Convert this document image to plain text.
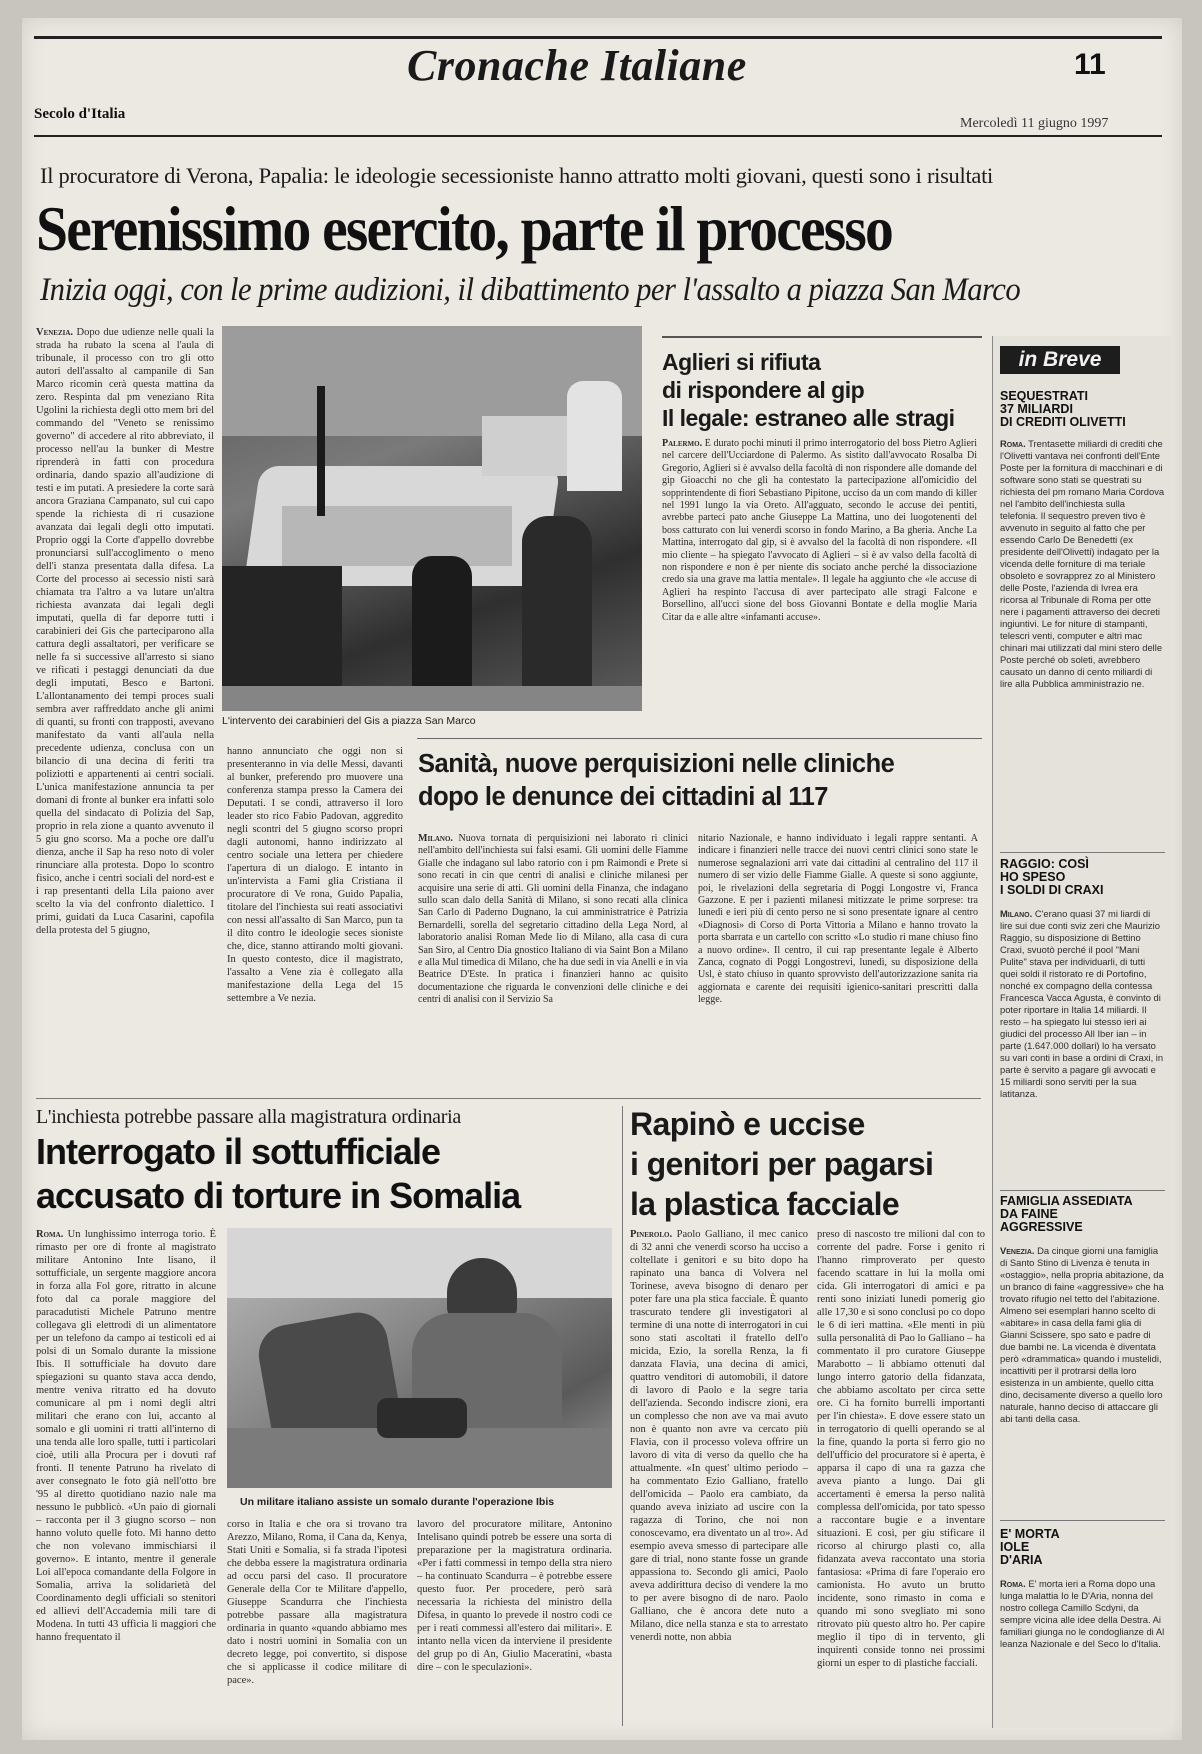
Cronache Italiane	11
Secolo d'Italia
Mercoledì 11 giugno 1997
Il procuratore di Verona, Papalia: le ideologie secessioniste hanno attratto molti giovani, questi sono i risultati
Serenissimo esercito, parte il processo
Inizia oggi, con le prime audizioni, il dibattimento per l'assalto a piazza San Marco
Venezia. Dopo due udienze nelle quali la strada ha rubato la scena al l'aula di tribunale, il processo con tro gli otto autori dell'assalto al campanile di San Marco ricomin cerà questa mattina da zero. Respinta dal pm veneziano Rita Ugolini la richiesta degli otto mem bri del commando del "Veneto se renissimo governo" di accedere al rito abbreviato, il processo nell'au la bunker di Mestre riprenderà in fatti con procedura ordinaria, dando spazio all'audizione di testi e im putati. A presiedere la corte sarà ancora Graziana Campanato, sul cui capo spende la richiesta di ri cusazione avanzata dai legali degli otto imputati. Proprio oggi la Corte d'appello dovrebbe pronunciarsi sull'accoglimento o meno dell'i stanza presentata dalla difesa. La Corte del processo ai secessio nisti sarà chiamata tra l'altro a va lutare un'altra richiesta avanzata dai legali degli imputati, quella di far deporre tutti i carabinieri dei Gis che parteciparono alla cattura degli assaltatori, per verificare se nelle fa si successive all'arresto si siano ve rificati i pestaggi denunciati da due degli imputati, Besco e Bartoni. L'allontanamento dei tempi proces suali sembra aver raffreddato anche gli animi di quanti, su fronti con trapposti, avevano manifestato da vanti all'aula nella precedente udienza, conclusa con un bilancio di una decina di feriti tra poliziotti e appartenenti ai centri sociali. L'unica manifestazione annuncia ta per domani di fronte al bunker era infatti solo quella del sindacato di Polizia del Sap, proprio in rela zione a quanto avvenuto il 5 giu gno scorso. Ma a poche ore dall'u dienza, anche il Sap ha reso noto di voler rinunciare alla protesta. Dopo lo scontro fisico, anche i centri sociali del nord-est e i rap presentanti della Lila paiono aver scelto la via del confronto dialettico. I primi, guidati da Luca Casarini, capofila della protesta del 5 giugno,
L'intervento dei carabinieri del Gis a piazza San Marco
hanno annunciato che oggi non si presenteranno in via delle Messi, davanti al bunker, preferendo pro muovere una conferenza stampa presso la Camera dei Deputati. I se condi, attraverso il loro leader sto rico Fabio Padovan, aggredito negli scontri del 5 giugno scorso propri dagli autonomi, hanno indirizzato al centro sociale una lettera per chiedere l'apertura di un dialogo. E intanto in un'intervista a Fami glia Cristiana il procuratore di Ve rona, Guido Papalia, titolare del l'inchiesta sui reati associativi con nessi all'assalto di San Marco, pun ta il dito contro le ideologie seces sioniste che, dice, stanno attirando molti giovani. In questo contesto, dice il magistrato, l'assalto a Vene zia è collegato alla manifestazione della Lega del 15 settembre a Ve nezia.
Aglieri si rifiuta
di rispondere al gip
Il legale: estraneo alle stragi
Palermo. È durato pochi minuti il primo interrogatorio del boss Pietro Aglieri nel carcere dell'Ucciardone di Palermo. As sistito dall'avvocato Rosalba Di Gregorio, Aglieri si è avvalso della facoltà di non rispondere alle domande del gip Gioacchi no che gli ha contestato la partecipazione all'omicidio del sopprintendente di fiori Sebastiano Pipitone, ucciso da un com mando di killer nel 1991 lungo la via Oreto. All'agguato, secondo le accuse dei pentiti, avrebbe parteci pato anche Giuseppe La Mattina, uno dei luogotenenti del boss catturato con lui venerdì scorso in fondo Marino, a Ba gheria. Anche La Mattina, interrogato dal gip, si è avvalso del la facoltà di non rispondere. «Il mio cliente – ha spiegato l'avvocato di Aglieri – si è av valso della facoltà di non rispondere e non è per niente dis sociato anche perché la dissociazione credo sia una grave ma lattia mentale». Il legale ha aggiunto che «le accuse di Aglieri ha respinto l'accusa di aver partecipato alle stragi Falcone e Borsellino, all'ucci sione del boss Giovanni Bontate e della moglie Maria Citar da e alle altre «infamanti accuse».
Sanità, nuove perquisizioni nelle cliniche
dopo le denunce dei cittadini al 117
Milano. Nuova tornata di perquisizioni nei laborato ri clinici nell'ambito dell'inchiesta sui falsi esami. Gli uomini delle Fiamme Gialle che indagano sul labo ratorio con i pm Raimondi e Prete si sono recati in cin que centri di analisi e cliniche milanesi per acquisire una serie di atti. Gli uomini della Finanza, che indagano sullo scan dalo della Sanità di Milano, si sono recati alla clinica San Carlo di Paderno Dugnano, la cui amministratrice è Patrizia Bernardelli, sorella del segretario cittadino della Lega Nord, al laboratorio analisi Roman Mede lio di Milano, alla casa di cura San Siro, al Centro Dia gnostico Italiano di via Saint Bon a Milano e alla Mul timedica di Milano, che ha due sedi in via Anelli e in via Beatrice D'Este. In pratica i finanzieri hanno ac quisito documentazione che riguarda le convenzioni delle cliniche e dei centri di analisi con il Servizio Sa
nitario Nazionale, e hanno individuato i legali rappre sentanti. A indicare i finanzieri nelle tracce dei nuovi centri clinici sono state le numerose segnalazioni arri vate dai cittadini al centralino del 117 il numero di ser vizio delle Fiamme Gialle. A queste si sono aggiunte, poi, le rivelazioni della segretaria di Poggi Longostre vi, Franca Gazzone. E per i pazienti milanesi mitizzate le prime sorprese: tra lunedì e ieri più di cento perso ne si sono presentate ignare al centro «Diagnosi» di Corso di Porta Vittoria a Milano e hanno trovato la porta sbarrata e un cartello con scritto «Lo studio ri mane chiuso fino a nuovo ordine». Il centro, il cui rap presentante legale è Alberto Zanca, cognato di Poggi Longostrevi, lunedì, su disposizione della Usl, è stato chiuso in quanto sprovvisto dell'autorizzazione sanita ria aggiornata e carente dei requisiti igienico-sanitari prescritti dalla legge.
L'inchiesta potrebbe passare alla magistratura ordinaria
Interrogato il sottufficiale
accusato di torture in Somalia
Roma. Un lunghissimo interroga torio. È rimasto per ore di fronte al magistrato militare Antonino Inte lisano, il sottufficiale, un sergente maggiore ancora in forza alla Fol gore, ritratto in alcune foto dal ca porale maggiore del paracadutisti Michele Patruno mentre collegava gli elettrodi di un alimentatore per un telefono da campo ai testicoli ed ai polsi di un Somalo durante la missione Ibis. Il sottufficiale ha dovuto dare spiegazioni su quanto stava acca dendo, mentre veniva ritratto ed ha dovuto comunicare al pm i nomi degli altri militari che erano con lui, accanto al somalo e gli uomini ri tratti all'interno di una tenda alle loro spalle, tutti i particolari cioè, utili alla Procura per i dovuti raf fronti. Il tenente Patruno ha rivelato di aver consegnato le foto già nell'otto bre '95 al diretto quotidiano nazio nale ma nessuno le pubblicò. «Un paio di giornali – racconta per il 3 giugno scorso – non hanno voluto quelle foto. Mi hanno detto che non volevano immischiarsi il governo». E intanto, mentre il generale Loi all'epoca comandante della Folgore in Somalia, arriva la solidarietà del Coordinamento degli ufficiali so stenitori ed allievi dell'Accademia mili tare di Modena. In tutti 43 ufficia li maggiori che hanno frequentato il
Un militare italiano assiste un somalo durante l'operazione Ibis
corso in Italia e che ora si trovano tra Arezzo, Milano, Roma, il Cana da, Kenya, Stati Uniti e Somalia, si fa strada l'ipotesi che debba essere la magistratura ordinaria ad occu parsi del caso. Il procuratore Generale della Cor te Militare d'appello, Giuseppe Scandurra che l'inchiesta potrebbe passare alla magistratura ordinaria in quanto «quando abbiamo mes dato i nostri uomini in Somalia con un decreto legge, poi convertito, si dispose che si applicasse il codice militare di pace».
lavoro del procuratore militare, Antonino Intelisano quindi potreb be essere una sorta di preparazione per la magistratura ordinaria. «Per i fatti commessi in tempo della stra niero – ha continuato Scandurra – è potrebbe essere questo fuor. Per procedere, però sarà necessaria la richiesta del ministro della Difesa, in quanto lo prevede il nostro codi ce per i reati commessi all'estero dai militari». E intanto nella vicen da interviene il presidente del grup po di An, Giulio Maceratini, «basta dire – con le speculazioni».
Rapinò e uccise
i genitori per pagarsi
la plastica facciale
Pinerolo. Paolo Galliano, il mec canico di 32 anni che venerdì scorso ha ucciso a coltellate i genitori e su bito dopo ha rapinato una banca di Volvera nel Torinese, aveva bisogno di denaro per poter fare una pla stica facciale. È quanto trascurato tendere gli investigatori al termine di una notte di interrogatori in cui sono stati ascoltati il fratello dell'o micida, Ezio, la sorella Renza, la fi danzata Flavia, una decina di amici, quattro venditori di automobili, il datore di lavoro di Paolo e la segre taria dell'azienda. Secondo indiscre zioni, era un complesso che non ave va mai avuto non è quanto non avre va cercato più Flavia, con il processo voleva offrire un lavoro di vita di verso da quello che ha attualmente. «In quest' ultimo periodo – ha commentato Ezio Galliano, fratello dell'omicida – Paolo era cambiato, da quando aveva iniziato ad uscire con la ragazza di Torino, che noi non conoscevamo, era diventato un al tro». Ad esempio aveva smesso di partecipare alle gare di trial, nono stante fosse un grande appassiona to. Secondo gli amici, Paolo aveva addirittura deciso di vendere la mo to per avere bisogno di de naro. Paolo Galliano, che è ancora dete nuto a Milano, dice nella stanza e sta to arrestato venerdì notte, non abbia
preso di nascosto tre milioni dal con to corrente del padre. Forse i genito ri l'hanno rimproverato per questo facendo scattare in lui la molla omi cida. Gli interrogatori di amici e pa renti sono iniziati lunedì pomerig gio alle 17,30 e si sono conclusi po co dopo le 6 di ieri mattina. «Ele menti in più sulla personalità di Pao lo Galliano – ha commentato il pro curatore Giuseppe Marabotto – li abbiamo ottenuti dal lungo interro gatorio della fidanzata, che abbiamo ascoltato per circa sette ore. Ci ha fornito burrelli importanti per l'in chiesta». E dove essere stato un in terrogatorio di quelli operando se al la fine, quando la porta si ferro gio no dell'ufficio del procuratore si è aperta, è apparsa il capo di una ra gazza che aveva pianto a lungo. Dai gli accertamenti è emersa la perso nalità complessa dell'omicida, por tato spesso a raccontare bugie e a inventare situazioni. E così, per giu stificare il ricorso al chirurgo plasti co, alla fidanzata aveva raccontato una storia fantasiosa: «Prima di fare l'operaio ero camionista. Ho avuto un brutto incidente, sono rimasto in coma e quando mi sono svegliato mi sono ritrovato più questo altro ho. Per capire meglio il tipo di in tervento, gli inquirenti conside tonno nei prossimi giorni un esper to di plastiche facciali.
in Breve
SEQUESTRATI
37 MILIARDI
DI CREDITI OLIVETTI
Roma. Trentasette miliardi di crediti che l'Olivetti vantava nei confronti dell'Ente Poste per la fornitura di macchinari e di software sono stati se questrati su richiesta del pm romano Maria Cordova nel l'ambito dell'inchiesta sulla telefonia. Il sequestro preven tivo è avvenuto in seguito al fatto che per essendo Carlo De Benedetti (ex presidente dell'Olivetti) indagato per la vicenda delle forniture di ma teriale obsoleto e sovrapprez zo al Ministero delle Poste, l'azienda di Ivrea era ricorsa al Tribunale di Roma per otte nere i pagamenti attraverso dei decreti ingiuntivi. Le for niture di stampanti, telescri venti, computer e altri mac chinari mai utilizzati dal mini stero delle Poste perché ob soleti, avrebbero causato un danno di cento miliardi di lire alla Pubblica amministrazio ne.
RAGGIO: COSÌ
HO SPESO
I SOLDI DI CRAXI
Milano. C'erano quasi 37 mi liardi di lire sui due conti sviz zeri che Maurizio Raggio, su disposizione di Bettino Craxi, svuotò perché il pool "Mani Pulite" stava per individuarli, di tutti quei soldi il ristorato re di Portofino, nonché ex compagno della contessa Francesca Vacca Agusta, è convinto di poter riportare in Italia 14 miliardi. Il resto – ha spiegato lui stesso ieri ai giudici del processo All Iber ian – in parte (1.647.000 dollari) lo ha versato su vari conti in base a ordini di Craxi, in parte è servito a pagare gli avvocati e 15 miliardi sono serviti per la sua latitanza.
FAMIGLIA ASSEDIATA
DA FAINE
AGGRESSIVE
Venezia. Da cinque giorni una famiglia di Santo Stino di Livenza è tenuta in «ostaggio», nella propria abitazione, da un branco di faine «aggressive» che ha trovato rifugio nel tetto del l'abitazione. Almeno sei esemplari hanno scelto di «abitare» in casa della fami glia di Gianni Scissere, spo sato e padre di due bambi ne. La vicenda è diventata però «drammatica» quando i mustelidi, incattiviti per il protrarsi della loro esistenza in un ambiente, quello citta dino, decisamente diverso a quello loro naturale, hanno deciso di attaccare gli abi tanti della casa.
E' MORTA
IOLE
D'ARIA
Roma. E' morta ieri a Roma dopo una lunga malattia Io le D'Aria, nonna del nostro collega Camillo Scdyni, da sempre vicina alle idee della Destra. Ai familiari giunga no le condoglianze di Al leanza Nazionale e del Seco lo d'Italia.
